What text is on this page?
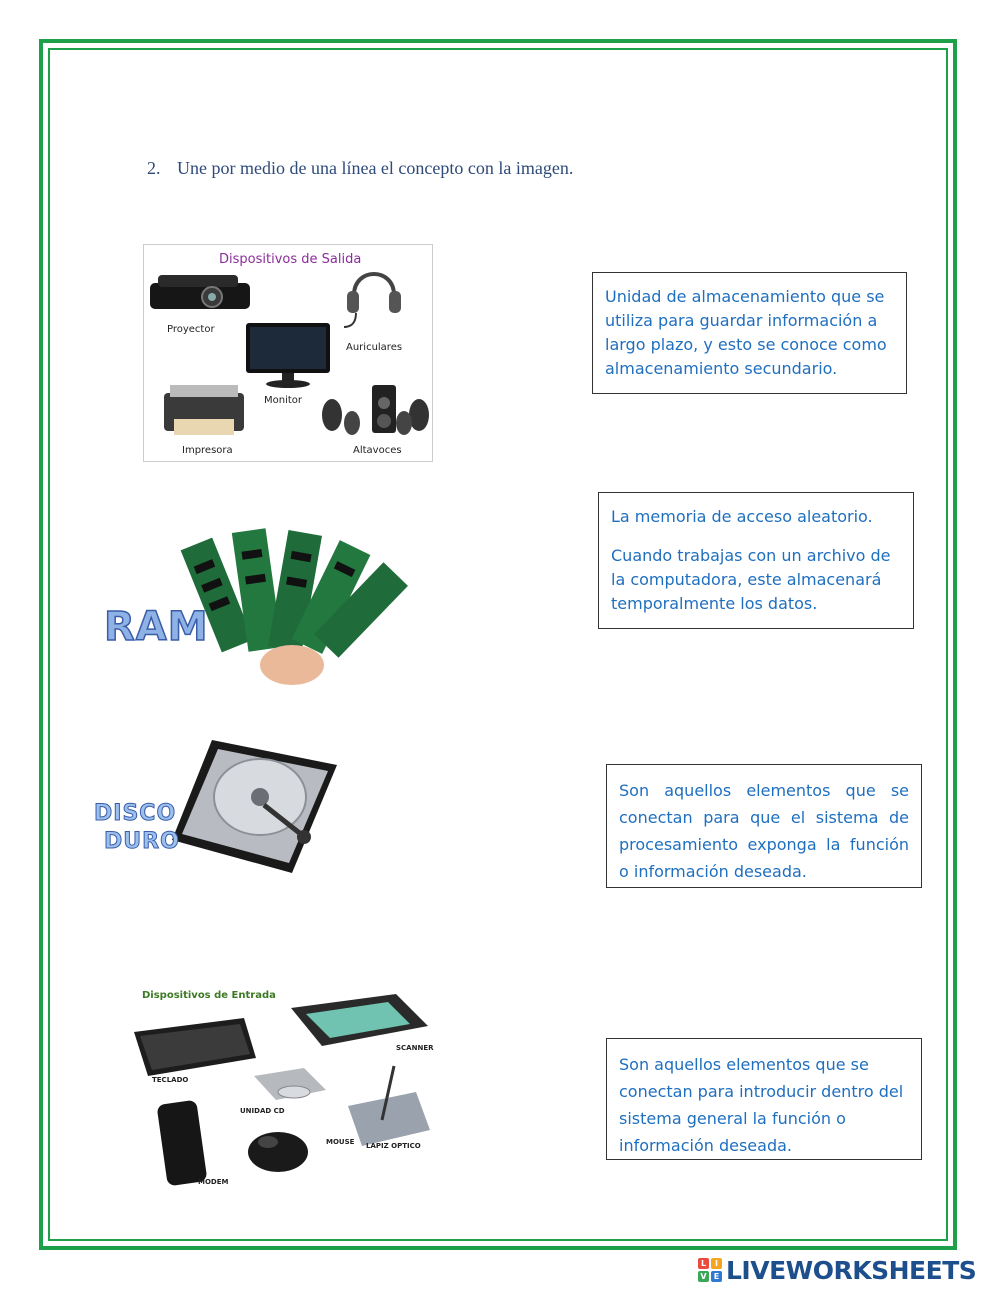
2. Une por medio de una línea el concepto con la imagen.
Dispositivos de Salida
Proyector
Auriculares
Monitor
Impresora	Altavoces
RAM
DISCO
DURO
Dispositivos de Entrada
TECLADO
SCANNER
UNIDAD CD
MODEM
MOUSE LAPIZ OPTICO

Unidad de almacenamiento que se utiliza para guardar información a largo plazo, y esto se conoce como almacenamiento secundario.

La memoria de acceso aleatorio.

Cuando trabajas con un archivo de la computadora, este almacenará temporalmente los datos.

Son aquellos elementos que se conectan para que el sistema de procesamiento exponga la función o información deseada.

Son aquellos elementos que se conectan para introducir dentro del sistema general la función o información deseada.

L	I
V E LIVEWORKSHEETS
